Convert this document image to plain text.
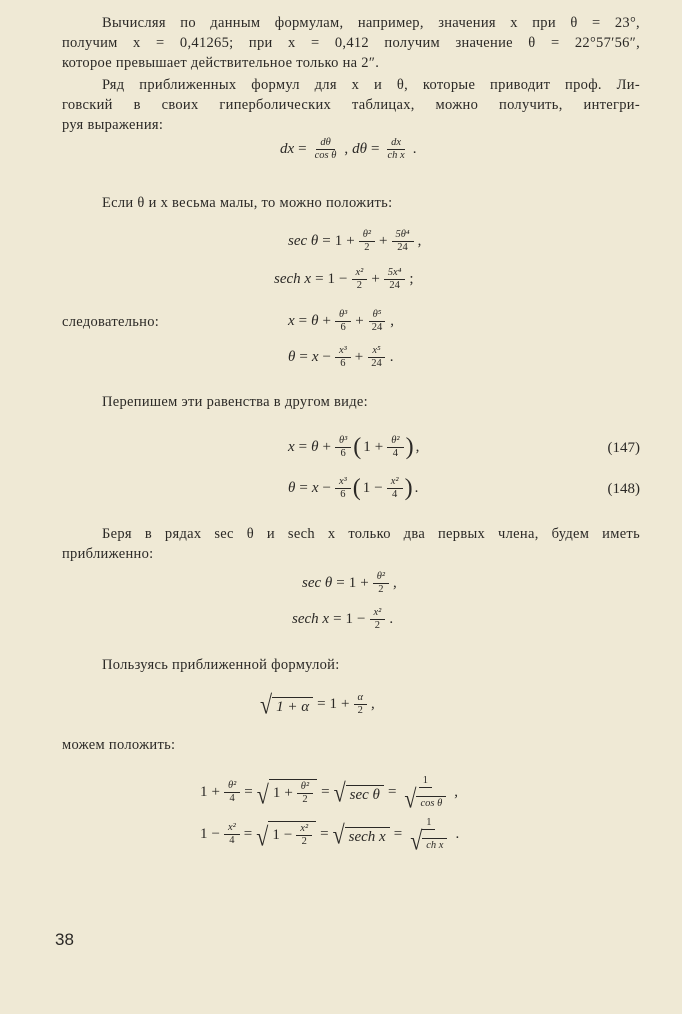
Вычисляя по данным формулам, например, значения x при θ = 23°,
получим x = 0,41265; при x = 0,412 получим значение θ = 22°57′56″,
которое превышает действительное только на 2″.
Ряд приближенных формул для x и θ, которые приводит проф. Ли-
говский в своих гиперболических таблицах, можно получить, интегри-
руя выражения:
Если θ и x весьма малы, то можно положить:
следовательно:
Перепишем эти равенства в другом виде:
Беря в рядах sec θ и sech x только два первых члена, будем иметь
приближенно:
Пользуясь приближенной формулой:
можем положить:
dx = $\frac{d\theta}{\text{cos θ}}$ , $d\theta = \frac{dx}{\text{ch x}}$ .
$\sec \theta = 1 + \frac{\text{θ²}}{2} + \frac{\text{5θ⁴}}{24}$ ,
sech $x = 1 - \frac{\text{x²}}{2} + \frac{\text{5x⁴}}{24}$ ;
$x = \theta + \frac{\text{θ³}}{6} + \frac{\text{θ⁵}}{24}$ ,
$\theta = x - \frac{\text{x³}}{6} + \frac{\text{x⁵}}{24}$ .
$x = \theta + \frac{\text{θ³}}{6}$ ( $1 + \frac{\text{θ²}}{4}$ ) ,	(147)
$\theta = x - \frac{\text{x³}}{6}$ ( $1 - \frac{\text{x²}}{4}$ ) .	(148)
$\sec \theta = 1 + \frac{\text{θ²}}{2}$ ,
sech $x = 1 - \frac{\text{x²}}{2}$ .
√ $1 + \alpha = 1 + \frac{\alpha}{2}$ ,
$1 + \frac{\text{θ²}}{4}$ = √ $1 + \frac{\text{θ²}}{2}$ = √ $\sec \theta = \frac{1}{\text{√ cos θ}}$ ,
$1 - \frac{\text{x²}}{4}$ = √ $1 - \frac{\text{x²}}{2}$ = √ sech $x = \frac{1}{\text{√ ch x}}$ .
38
